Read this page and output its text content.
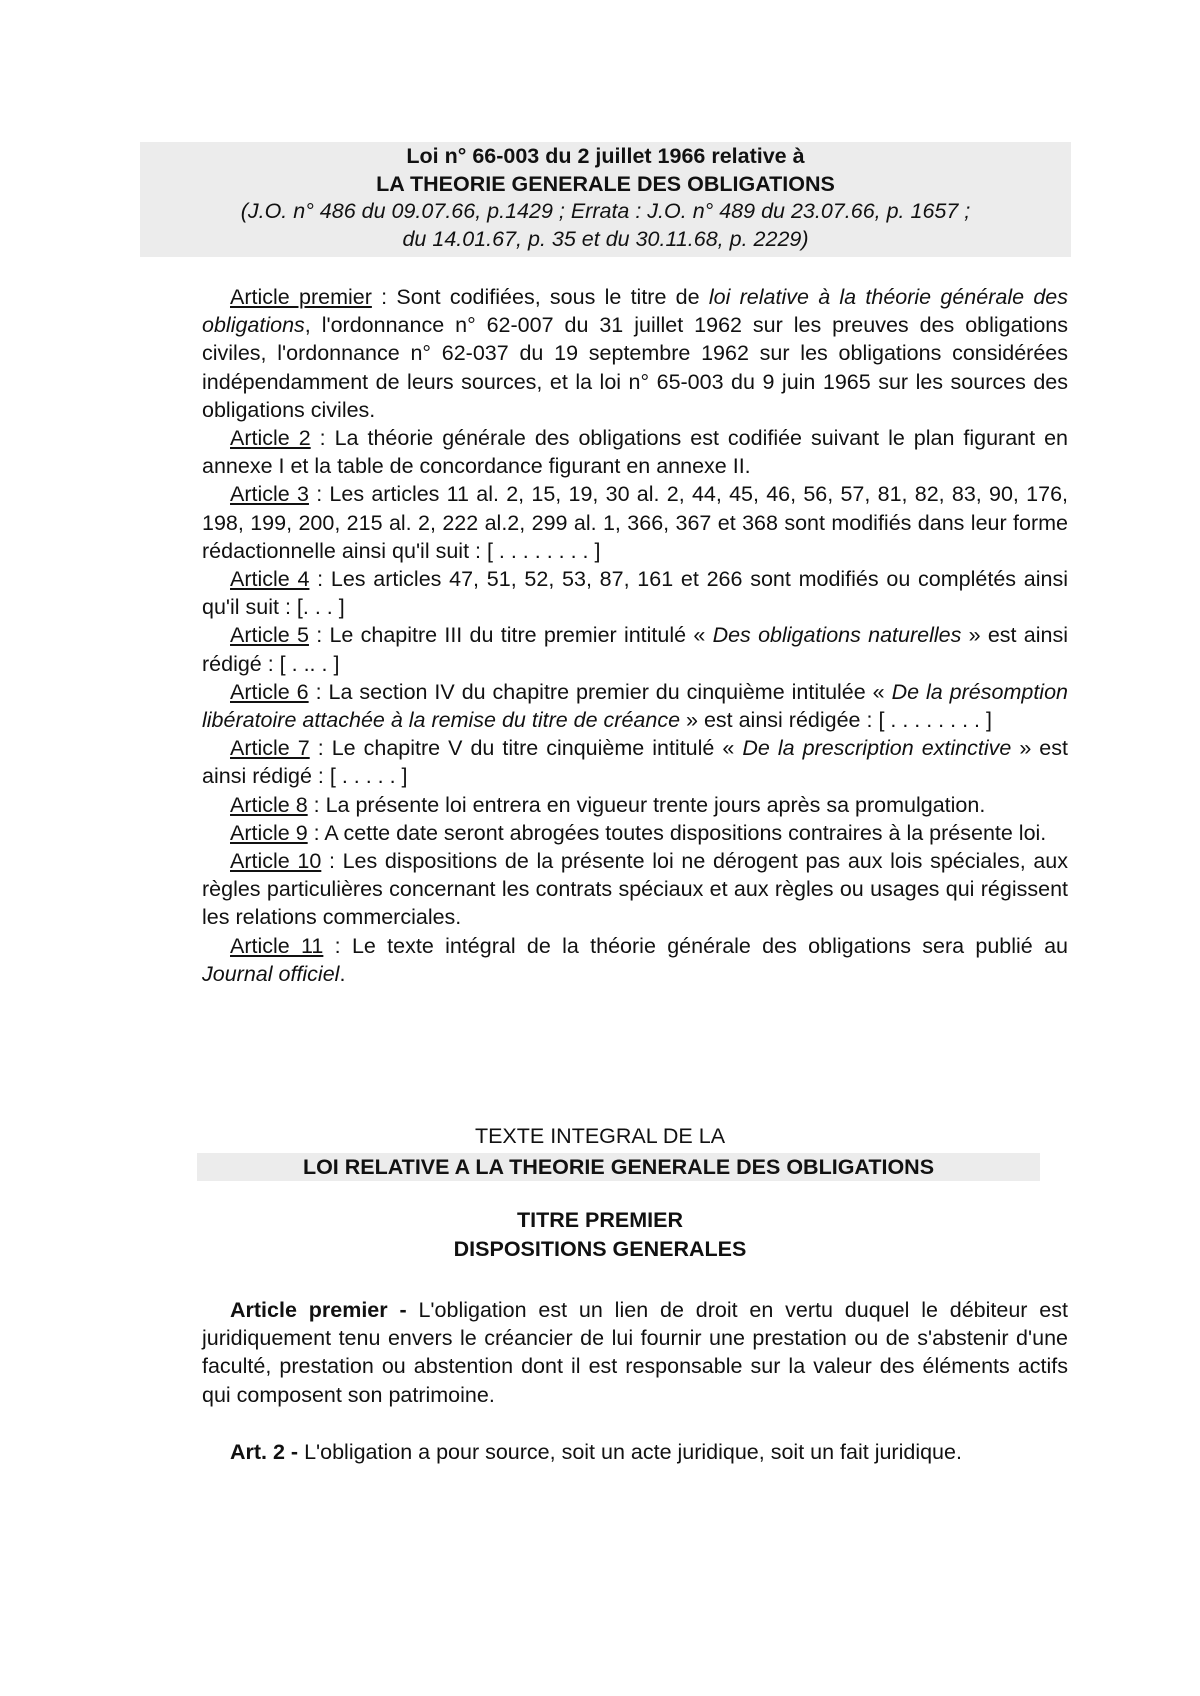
Loi n° 66-003 du 2 juillet 1966 relative à
LA THEORIE GENERALE DES OBLIGATIONS
(J.O. n° 486 du 09.07.66, p.1429 ; Errata : J.O. n° 489 du 23.07.66, p. 1657 ;
du 14.01.67, p. 35 et du 30.11.68, p. 2229)

Article premier : Sont codifiées, sous le titre de loi relative à la théorie générale des obligations, l'ordonnance n° 62-007 du 31 juillet 1962 sur les preuves des obligations civiles, l'ordonnance n° 62-037 du 19 septembre 1962 sur les obligations considérées indépendamment de leurs sources, et la loi n° 65-003 du 9 juin 1965 sur les sources des obligations civiles.

Article 2 : La théorie générale des obligations est codifiée suivant le plan figurant en annexe I et la table de concordance figurant en annexe II.

Article 3 : Les articles 11 al. 2, 15, 19, 30 al. 2, 44, 45, 46, 56, 57, 81, 82, 83, 90, 176, 198, 199, 200, 215 al. 2, 222 al.2, 299 al. 1, 366, 367 et 368 sont modifiés dans leur forme rédactionnelle ainsi qu'il suit : [ . . . . . . . . ]

Article 4 : Les articles 47, 51, 52, 53, 87, 161 et 266 sont modifiés ou complétés ainsi qu'il suit : [. . . ]

Article 5 : Le chapitre III du titre premier intitulé « Des obligations naturelles » est ainsi rédigé : [ . .. . ]

Article 6 : La section IV du chapitre premier du cinquième intitulée « De la présomption libératoire attachée à la remise du titre de créance » est ainsi rédigée : [ . . . . . . . . ]

Article 7 : Le chapitre V du titre cinquième intitulé « De la prescription extinctive » est ainsi rédigé : [ . . . . . ]

Article 8 : La présente loi entrera en vigueur trente jours après sa promulgation.

Article 9 : A cette date seront abrogées toutes dispositions contraires à la présente loi.

Article 10 : Les dispositions de la présente loi ne dérogent pas aux lois spéciales, aux règles particulières concernant les contrats spéciaux et aux règles ou usages qui régissent les relations commerciales.

Article 11 : Le texte intégral de la théorie générale des obligations sera publié au Journal officiel.

TEXTE INTEGRAL DE LA
LOI RELATIVE A LA THEORIE GENERALE DES OBLIGATIONS
TITRE PREMIER
DISPOSITIONS GENERALES

Article premier - L'obligation est un lien de droit en vertu duquel le débiteur est juridiquement tenu envers le créancier de lui fournir une prestation ou de s'abstenir d'une faculté, prestation ou abstention dont il est responsable sur la valeur des éléments actifs qui composent son patrimoine.

Art. 2 - L'obligation a pour source, soit un acte juridique, soit un fait juridique.
